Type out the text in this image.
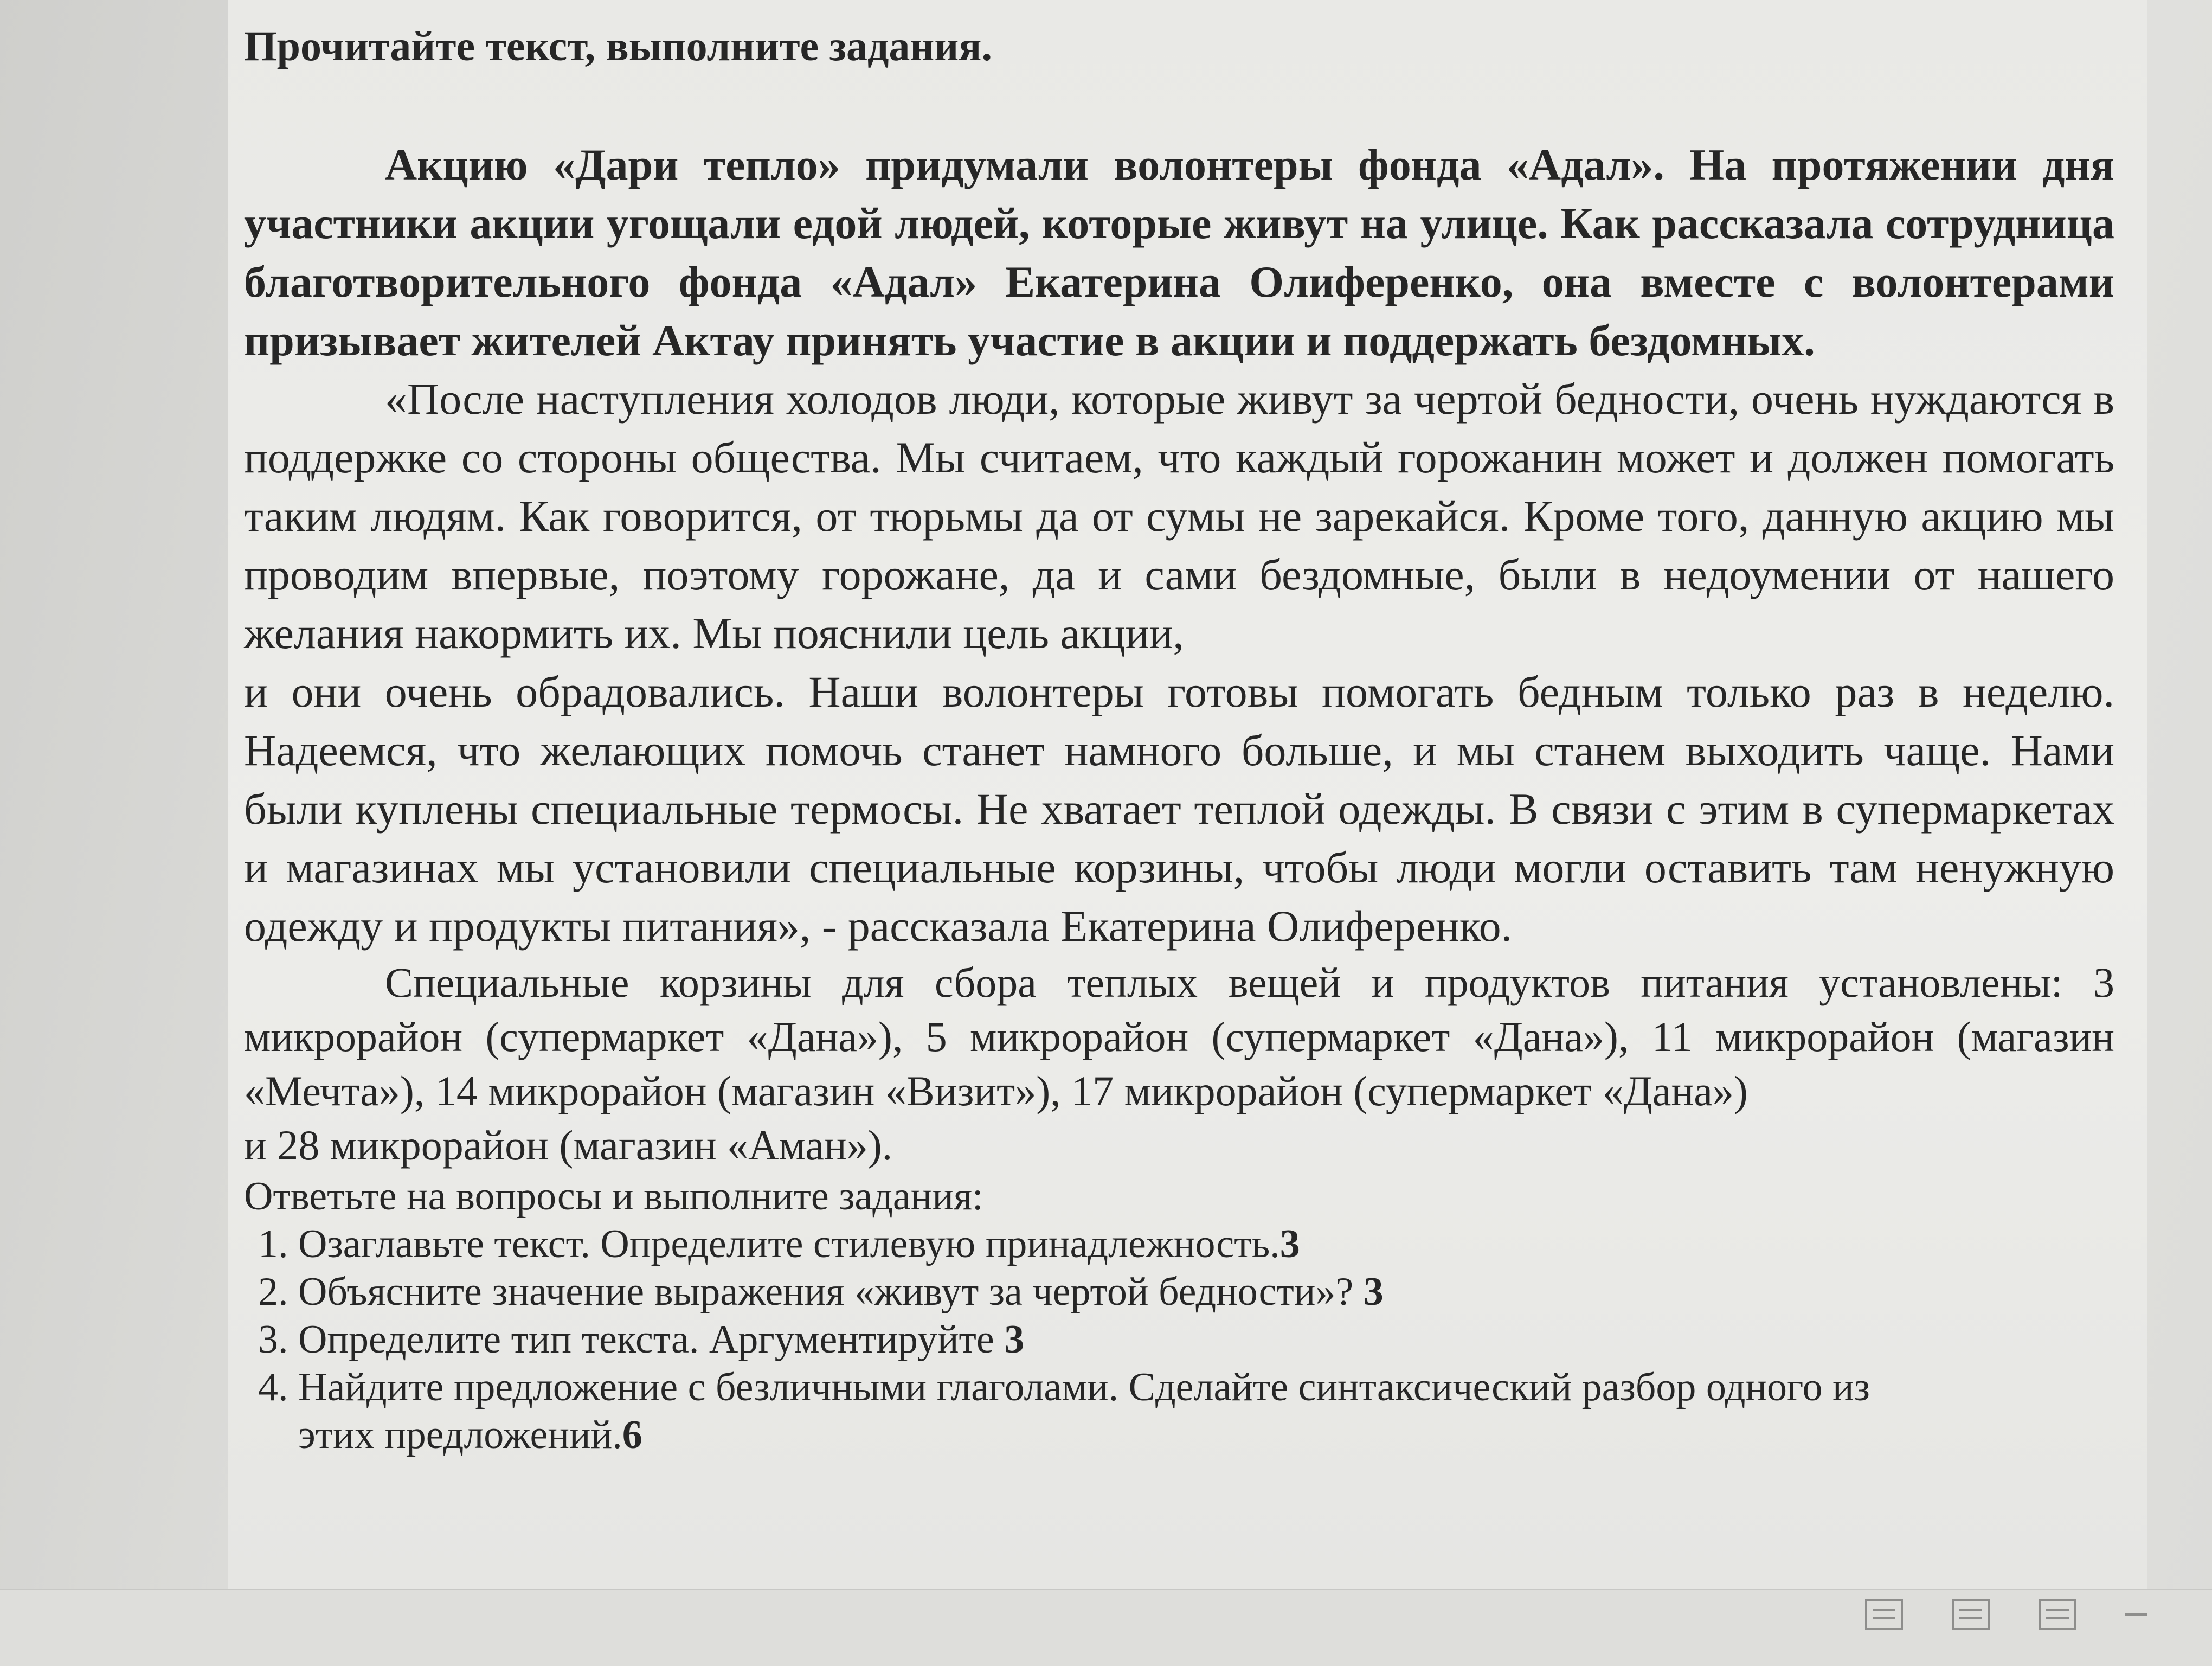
Прочитайте текст, выполните задания.

Акцию «Дари тепло» придумали волонтеры фонда «Адал». На протяжении дня участники акции угощали едой людей, которые живут на улице. Как рассказала сотрудница благотворительного фонда «Адал» Екатерина Олиференко, она вместе с волонтерами призывает жителей Актау принять участие в акции и поддержать бездомных.

«После наступления холодов люди, которые живут за чертой бедности, очень нуждаются в поддержке со стороны общества. Мы считаем, что каждый горожанин может и должен помогать таким людям. Как говорится, от тюрьмы да от сумы не зарекайся. Кроме того, данную акцию мы проводим впервые, поэтому горожане, да и сами бездомные, были в недоумении от нашего желания накормить их. Мы пояснили цель акции,

и они очень обрадовались. Наши волонтеры готовы помогать бедным только раз в неделю. Надеемся, что желающих помочь станет намного больше, и мы станем выходить чаще. Нами были куплены специальные термосы. Не хватает теплой одежды. В связи с этим в супермаркетах и магазинах мы установили специальные корзины, чтобы люди могли оставить там ненужную одежду и продукты питания», - рассказала Екатерина Олиференко.

Специальные корзины для сбора теплых вещей и продуктов питания установлены: 3 микрорайон (супермаркет «Дана»), 5 микрорайон (супермаркет «Дана»), 11 микрорайон (магазин «Мечта»), 14 микрорайон (магазин «Визит»), 17 микрорайон (супермаркет «Дана»)

и 28 микрорайон (магазин «Аман»).

Ответьте на вопросы и выполните задания:

1. Озаглавьте текст. Определите стилевую принадлежность.3
2. Объясните значение выражения «живут за чертой бедности»? 3
3. Определите тип текста. Аргументируйте 3
4. Найдите предложение с безличными глаголами. Сделайте синтаксический разбор одного из этих предложений.6
